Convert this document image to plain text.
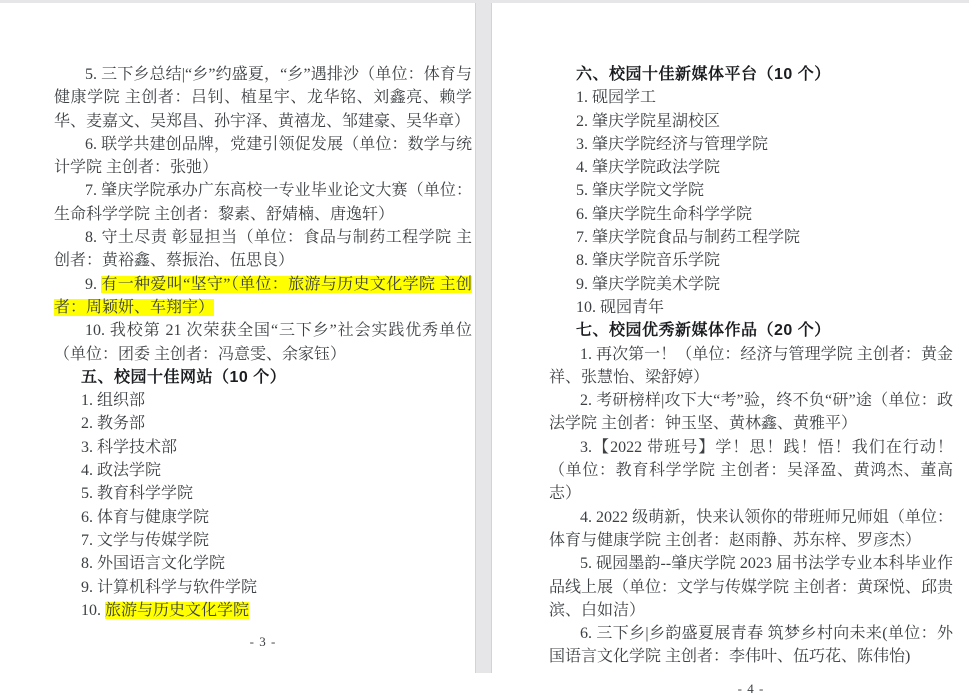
5. 三下乡总结|“乡”约盛夏，“乡”遇排沙（单位：体育与健康学院 主创者：吕钊、植星宇、龙华铭、刘鑫亮、赖学华、麦嘉文、吴郑昌、孙宇泽、黄禧龙、邹建豪、吴华章）
6. 联学共建创品牌，党建引领促发展（单位：数学与统计学院 主创者：张弛）
7. 肇庆学院承办广东高校一专业毕业论文大赛（单位：生命科学学院 主创者：黎素、舒婧楠、唐逸轩）
8. 守土尽责 彰显担当（单位：食品与制药工程学院 主创者：黄裕鑫、蔡振治、伍思良）
9. 有一种爱叫“坚守”（单位：旅游与历史文化学院 主创者：周颖妍、车翔宇）
10. 我校第 21 次荣获全国“三下乡”社会实践优秀单位（单位：团委 主创者：冯意雯、余家钰）
五、校园十佳网站（10 个）
1. 组织部
2. 教务部
3. 科学技术部
4. 政法学院
5. 教育科学学院
6. 体育与健康学院
7. 文学与传媒学院
8. 外国语言文化学院
9. 计算机科学与软件学院
10. 旅游与历史文化学院
- 3 -
六、校园十佳新媒体平台（10 个）
1. 砚园学工
2. 肇庆学院星湖校区
3. 肇庆学院经济与管理学院
4. 肇庆学院政法学院
5. 肇庆学院文学院
6. 肇庆学院生命科学学院
7. 肇庆学院食品与制药工程学院
8. 肇庆学院音乐学院
9. 肇庆学院美术学院
10. 砚园青年
七、校园优秀新媒体作品（20 个）
1. 再次第一！（单位：经济与管理学院 主创者：黄金祥、张慧怡、梁舒婷）
2. 考研榜样|攻下大“考”验，终不负“研”途（单位：政法学院 主创者：钟玉坚、黄林鑫、黄雅平）
3.【2022 带班号】学！思！践！悟！我们在行动！（单位：教育科学学院 主创者：吴泽盈、黄鸿杰、董高志）
4. 2022 级萌新，快来认领你的带班师兄师姐（单位：体育与健康学院 主创者：赵雨静、苏东梓、罗彦杰）
5. 砚园墨韵--肇庆学院 2023 届书法学专业本科毕业作品线上展（单位：文学与传媒学院 主创者：黄琛悦、邱贵滨、白如洁）
6. 三下乡|乡韵盛夏展青春 筑梦乡村向未来(单位：外国语言文化学院 主创者：李伟叶、伍巧花、陈伟怡)
- 4 -
